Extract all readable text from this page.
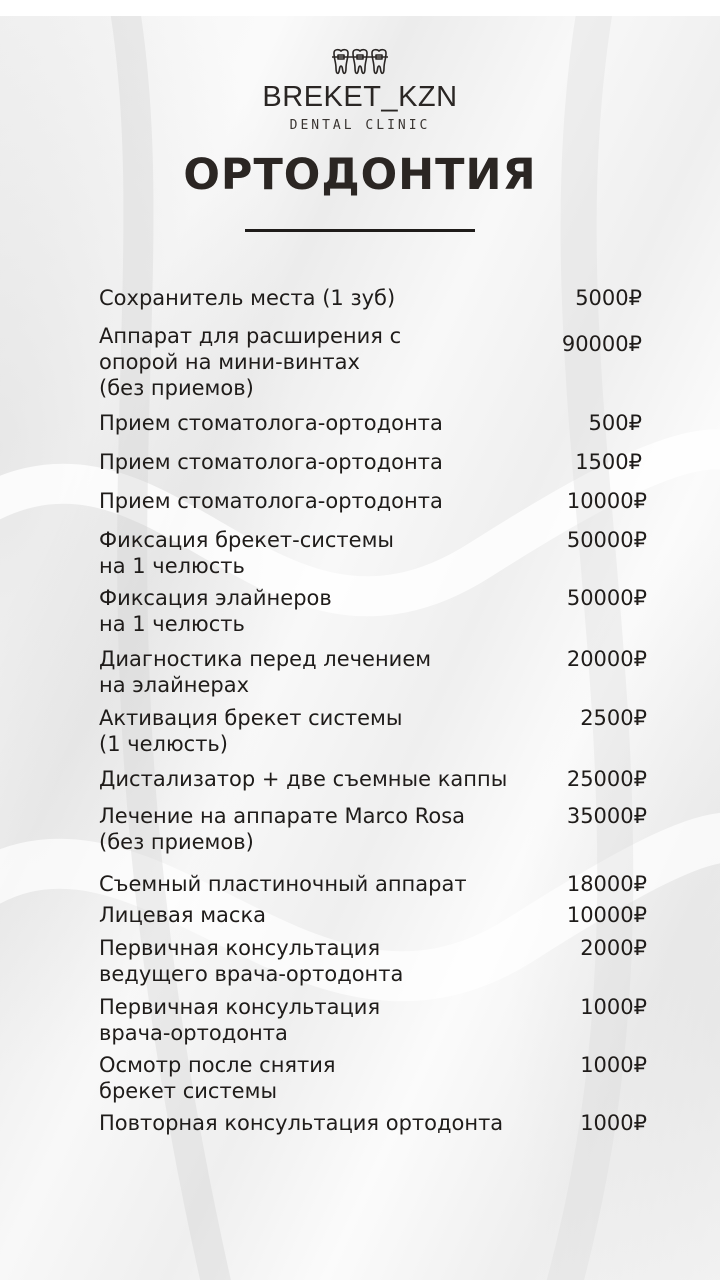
BREKET_KZN
DENTAL CLINIC
ОРТОДОНТИЯ
Сохранитель места (1 зуб)	5000₽
Аппарат для расширения с
опорой на мини-винтах
(без приемов)
90000₽
Прием стоматолога-ортодонта	500₽
Прием стоматолога-ортодонта	1500₽
Прием стоматолога-ортодонта	10000₽
Фиксация брекет-системы
на 1 челюсть
50000₽
Фиксация элайнеров
на 1 челюсть
50000₽
Диагностика перед лечением
на элайнерах
20000₽
Активация брекет системы
(1 челюсть)
2500₽
Дистализатор + две съемные каппы	25000₽
Лечение на аппарате Marco Rosa
(без приемов)
35000₽
Съемный пластиночный аппарат	18000₽
Лицевая маска	10000₽
Первичная консультация
ведущего врача-ортодонта
2000₽
Первичная консультация
врача-ортодонта
1000₽
Осмотр после снятия
брекет системы
1000₽
Повторная консультация ортодонта	1000₽
